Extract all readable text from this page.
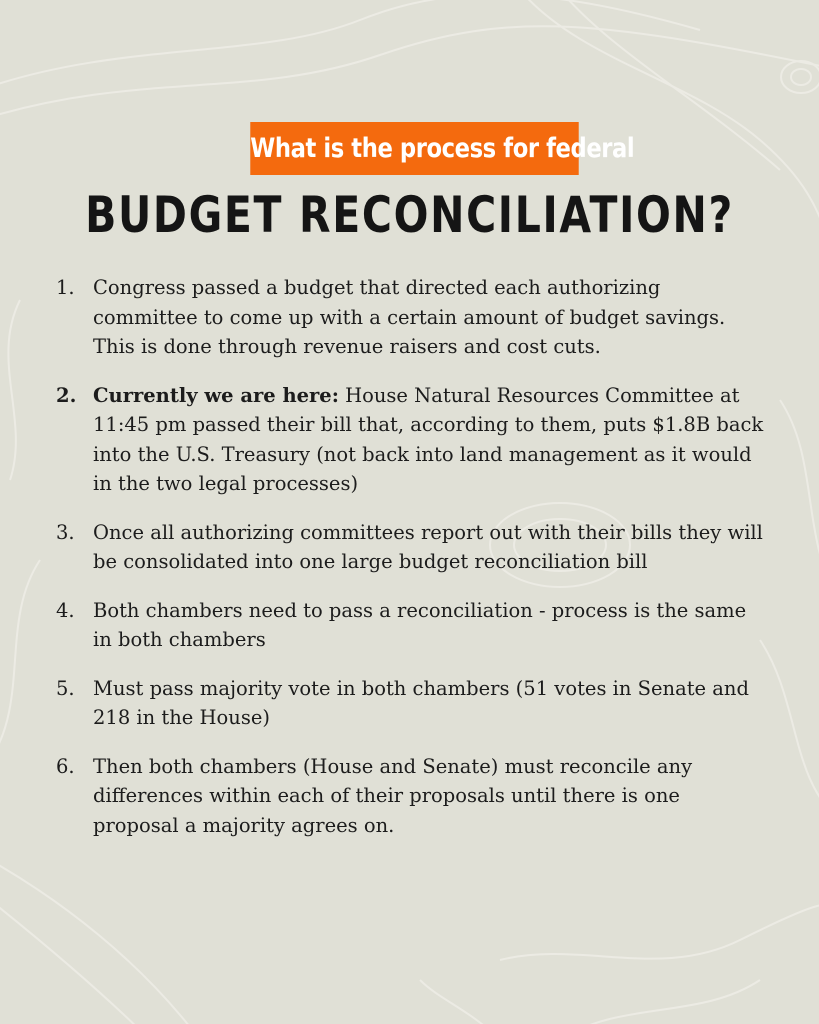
What is the process for federal
BUDGET RECONCILIATION?
1. Congress passed a budget that directed each authorizing committee to come up with a certain amount of budget savings. This is done through revenue raisers and cost cuts.
2. Currently we are here: House Natural Resources Committee at 11:45 pm passed their bill that, according to them, puts $1.8B back into the U.S. Treasury (not back into land management as it would in the two legal processes)
3. Once all authorizing committees report out with their bills they will be consolidated into one large budget reconciliation bill
4. Both chambers need to pass a reconciliation - process is the same in both chambers
5. Must pass majority vote in both chambers (51 votes in Senate and 218 in the House)
6. Then both chambers (House and Senate) must reconcile any differences within each of their proposals until there is one proposal a majority agrees on.
